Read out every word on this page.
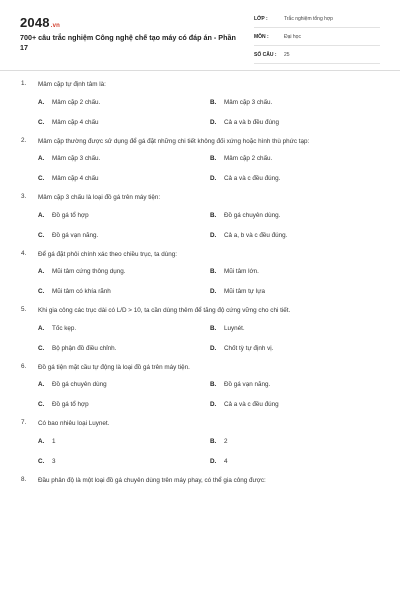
2048.vn
700+ câu trắc nghiệm Công nghệ chế tạo máy có đáp án - Phần 17
LỚP :	Trắc nghiệm tổng hợp
MÔN :	Đại học
SỐ CÂU : 25
1. Mâm cặp tự định tâm là:
A. Mâm cặp 2 chấu.	B. Mâm cặp 3 chấu.
C. Mâm cặp 4 chấu	D. Cả a và b đều đúng
2. Mâm cặp thường được sử dụng để gá đặt những chi tiết không đối xứng hoặc hình thù phức tạp:
A. Mâm cặp 3 chấu.	B. Mâm cặp 2 chấu.
C. Mâm cặp 4 chấu	D. Cả a và c đều đúng.
3. Mâm cặp 3 chấu là loại đồ gá trên máy tiện:
A. Đồ gá tổ hợp	B. Đồ gá chuyên dùng.
C. Đồ gá vạn năng.	D. Cả a, b và c đều đúng.
4. Để gá đặt phôi chính xác theo chiều trục, ta dùng:
A. Mũi tâm cứng thông dụng.	B. Mũi tâm lớn.
C. Mũi tâm có khía rãnh	D. Mũi tâm tự lựa
5. Khi gia công các trục dài có L/D > 10, ta cần dùng thêm để tăng độ cứng vững cho chi tiết.
A. Tốc kẹp.	B. Luynét.
C. Bộ phận đồ điều chỉnh.	D. Chốt tỳ tự định vị.
6. Đồ gá tiện mặt cầu tự động là loại đồ gá trên máy tiện.
A. Đồ gá chuyên dùng	B. Đồ gá vạn năng.
C. Đồ gá tổ hợp	D. Cả a và c đều đúng
7. Có bao nhiêu loại Luynet.
A. 1	B. 2
C. 3	D. 4
8. Đầu phân độ là một loại đồ gá chuyên dùng trên máy phay, có thể gia công được:
